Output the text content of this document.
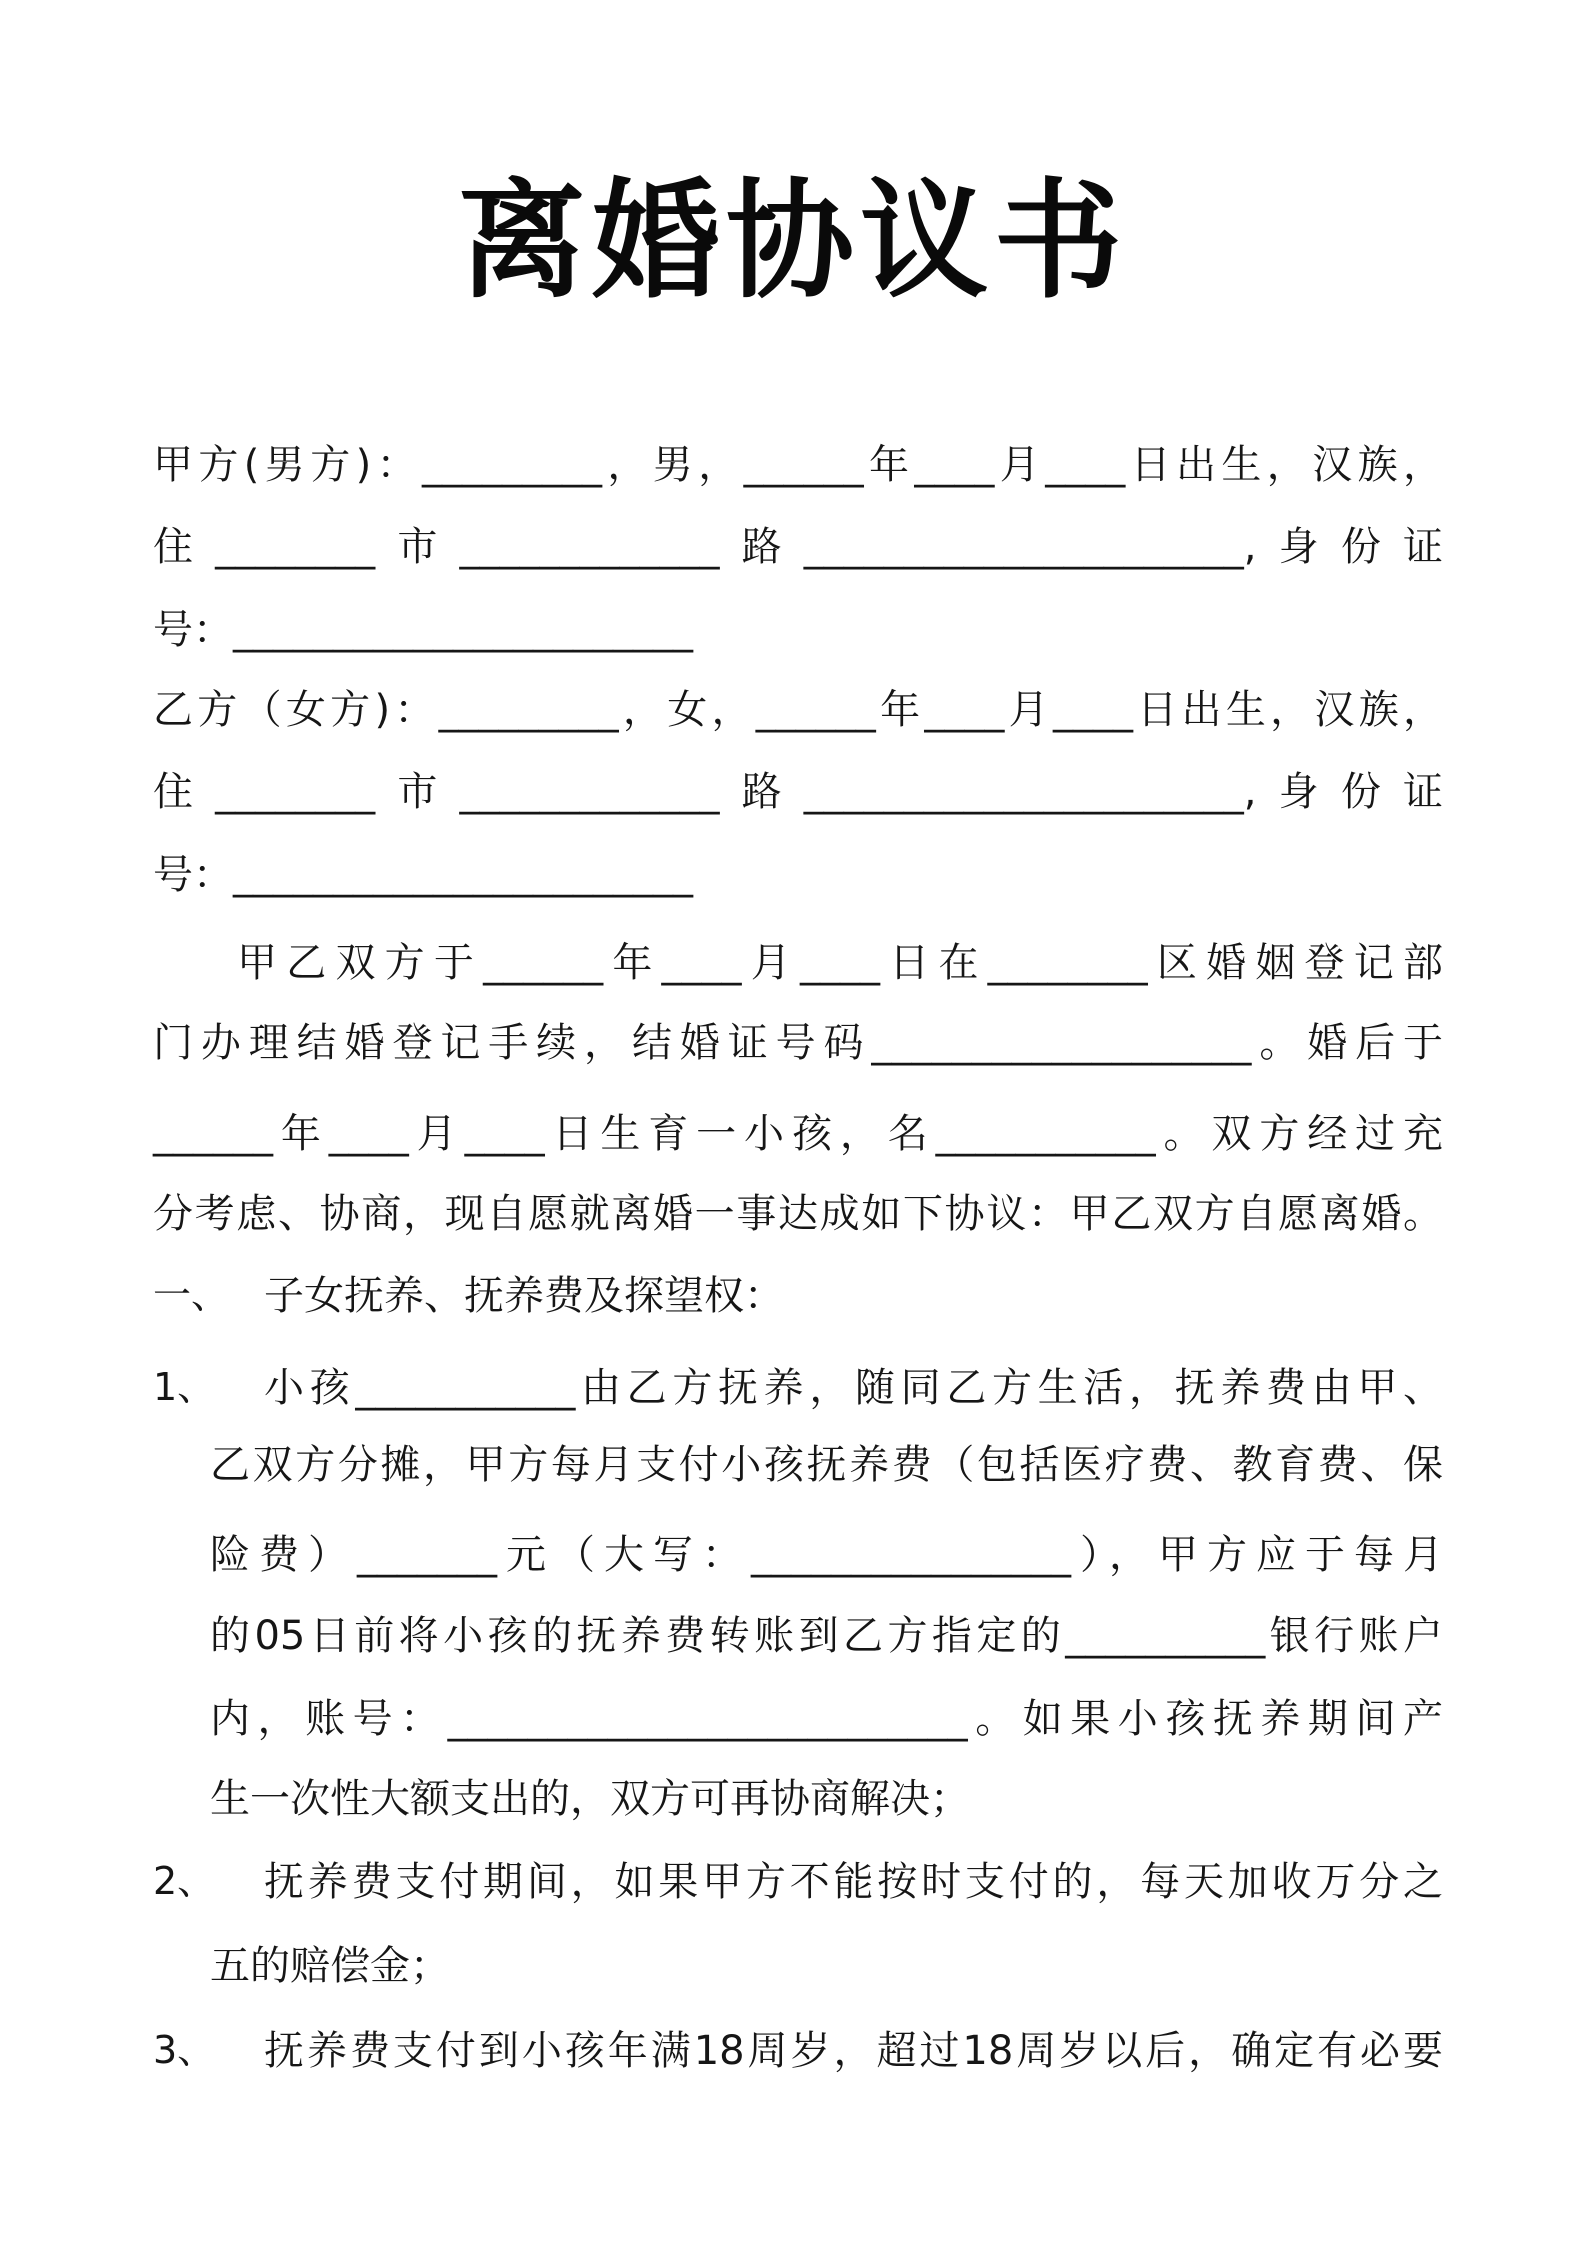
离婚协议书
甲方(男方)：_________，男，______年____月____日出生，汉族，
住________市_____________路______________________,身份证
号：_______________________
乙方（女方)：_________，女，______年____月____日出生，汉族，
住________市_____________路______________________,身份证
号：_______________________
甲乙双方于______年____月____日在________区婚姻登记部
门办理结婚登记手续，结婚证号码___________________。婚后于
______年____月____日生育一小孩，名___________。双方经过充
分考虑、协商，现自愿就离婚一事达成如下协议：甲乙双方自愿离婚。
一、 子女抚养、抚养费及探望权：
1、 小孩___________由乙方抚养，随同乙方生活，抚养费由甲、
乙双方分摊，甲方每月支付小孩抚养费（包括医疗费、教育费、保
险费）_______元（大写：________________），甲方应于每月
的05日前将小孩的抚养费转账到乙方指定的__________银行账户
内，账号：__________________________。如果小孩抚养期间产
生一次性大额支出的，双方可再协商解决；
2、 抚养费支付期间，如果甲方不能按时支付的，每天加收万分之
五的赔偿金；
3、 抚养费支付到小孩年满18周岁，超过18周岁以后，确定有必要
